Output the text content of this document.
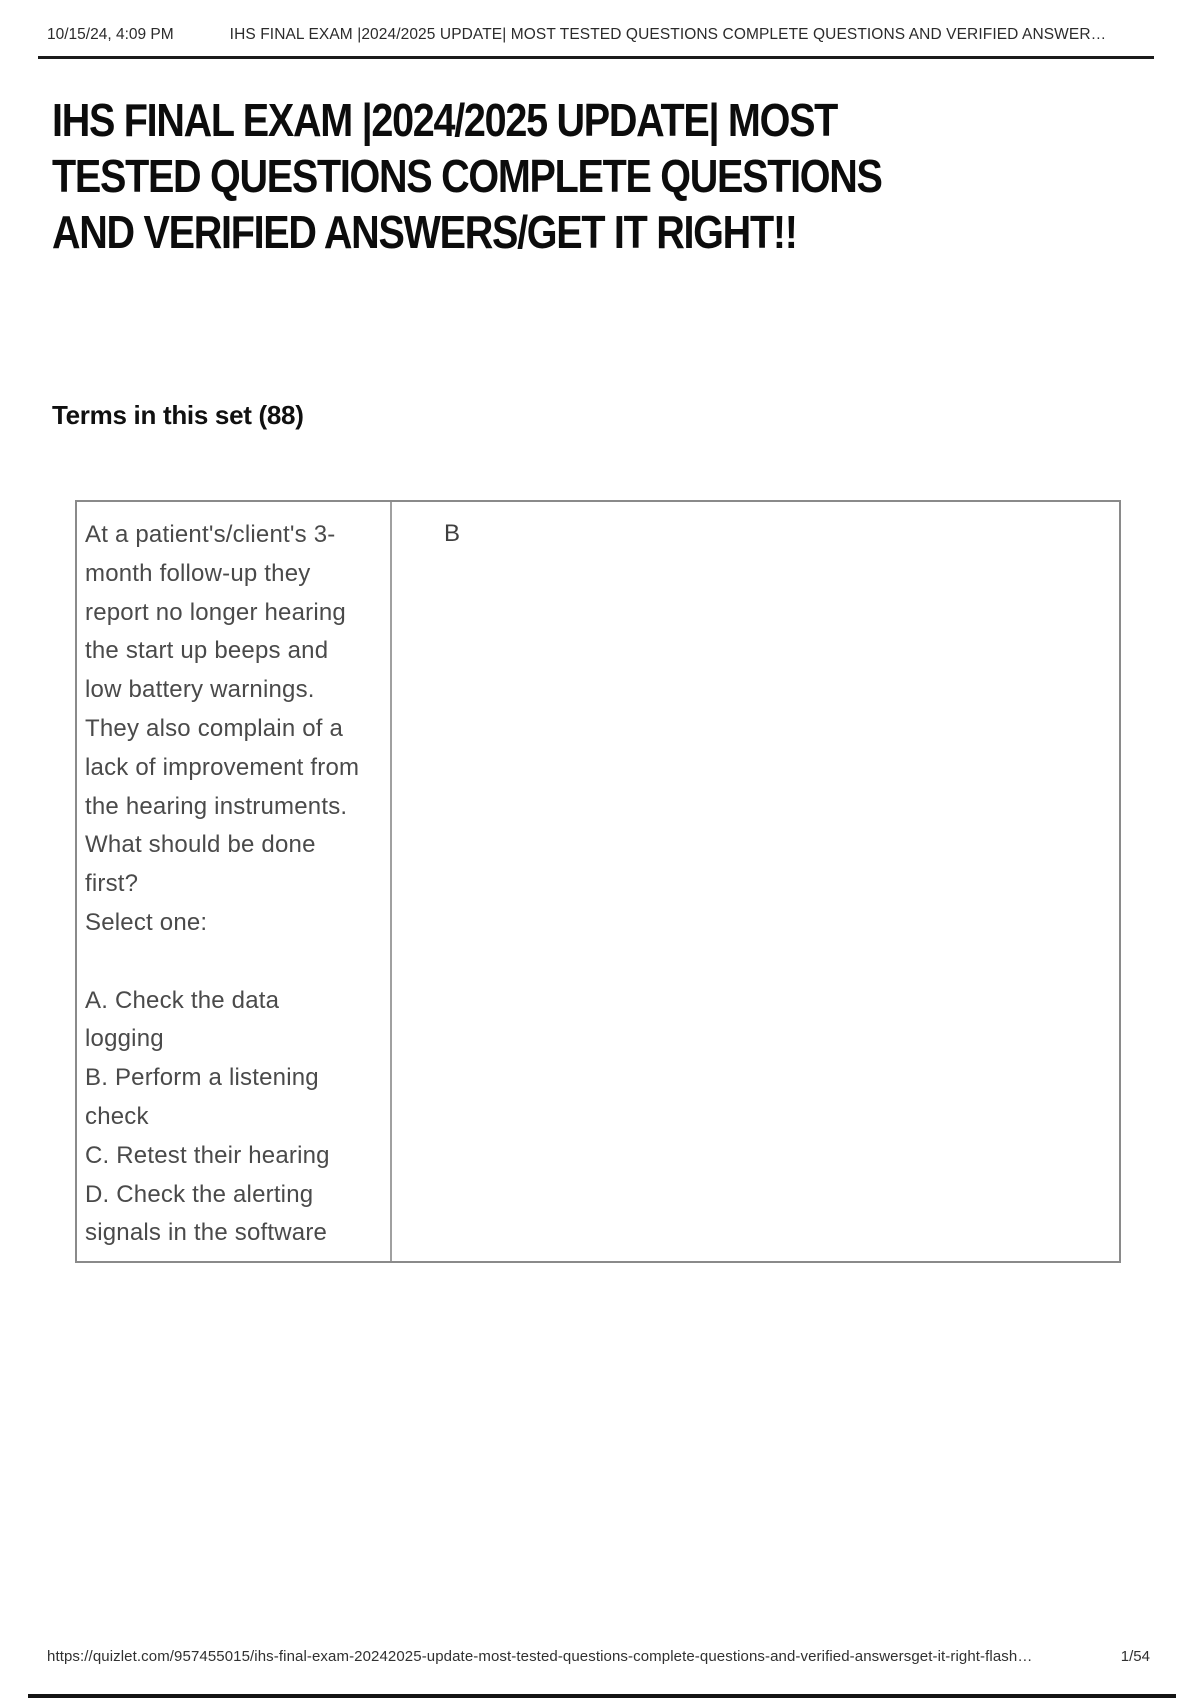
10/15/24, 4:09 PM	IHS FINAL EXAM |2024/2025 UPDATE| MOST TESTED QUESTIONS COMPLETE QUESTIONS AND VERIFIED ANSWER…
IHS FINAL EXAM |2024/2025 UPDATE| MOST
TESTED QUESTIONS COMPLETE QUESTIONS
AND VERIFIED ANSWERS/GET IT RIGHT!!
Terms in this set (88)
At a patient's/client's 3-
month follow-up they
report no longer hearing
the start up beeps and
low battery warnings.
They also complain of a
lack of improvement from
the hearing instruments.
What should be done
first?
Select one:

A. Check the data
logging
B. Perform a listening
check
C. Retest their hearing
D. Check the alerting
signals in the software
B
https://quizlet.com/957455015/ihs-final-exam-20242025-update-most-tested-questions-complete-questions-and-verified-answersget-it-right-flash…	1/54
